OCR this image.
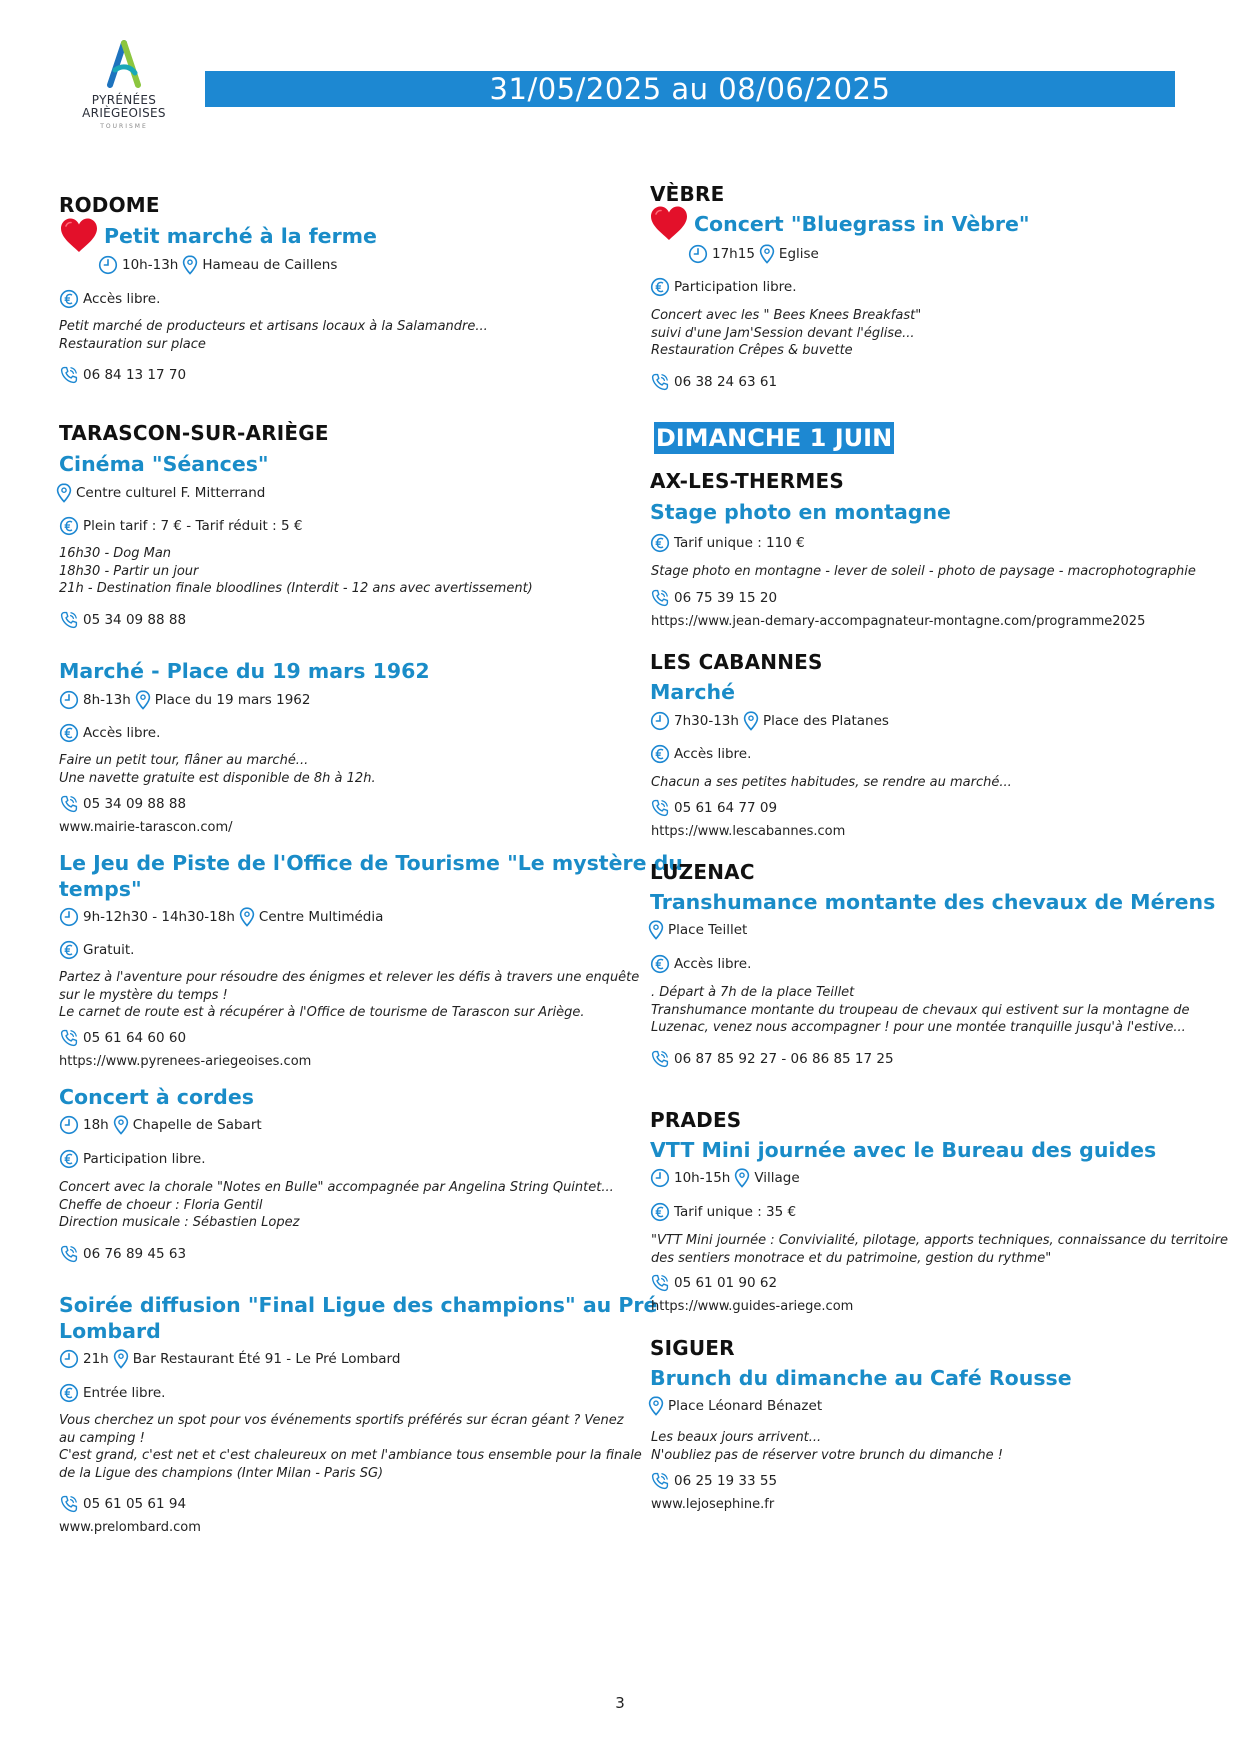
PYRÉNÉES
ARIÈGEOISES
TOURISME
31/05/2025 au 08/06/2025
RODOME
Petit marché à la ferme
10h-13h Hameau de Caillens
Accès libre.
Petit marché de producteurs et artisans locaux à la Salamandre...
Restauration sur place
06 84 13 17 70
TARASCON-SUR-ARIÈGE
Cinéma "Séances"
Centre culturel F. Mitterrand
Plein tarif : 7 € - Tarif réduit : 5 €
16h30 - Dog Man
18h30 - Partir un jour
21h - Destination finale bloodlines (Interdit - 12 ans avec avertissement)
05 34 09 88 88
Marché - Place du 19 mars 1962
8h-13h Place du 19 mars 1962
Accès libre.
Faire un petit tour, flâner au marché...
Une navette gratuite est disponible de 8h à 12h.
05 34 09 88 88
www.mairie-tarascon.com/
Le Jeu de Piste de l'Office de Tourisme "Le mystère du
temps"
9h-12h30 - 14h30-18h Centre Multimédia
Gratuit.
Partez à l'aventure pour résoudre des énigmes et relever les défis à travers une enquête
sur le mystère du temps !
Le carnet de route est à récupérer à l'Office de tourisme de Tarascon sur Ariège.
05 61 64 60 60
https://www.pyrenees-ariegeoises.com
Concert à cordes
18h Chapelle de Sabart
Participation libre.
Concert avec la chorale "Notes en Bulle" accompagnée par Angelina String Quintet...
Cheffe de choeur : Floria Gentil
Direction musicale : Sébastien Lopez
06 76 89 45 63
Soirée diffusion "Final Ligue des champions" au Pré
Lombard
21h Bar Restaurant Été 91 - Le Pré Lombard
Entrée libre.
Vous cherchez un spot pour vos événements sportifs préférés sur écran géant ? Venez
au camping !
C'est grand, c'est net et c'est chaleureux on met l'ambiance tous ensemble pour la finale
de la Ligue des champions (Inter Milan - Paris SG)
05 61 05 61 94
www.prelombard.com
VÈBRE
Concert "Bluegrass in Vèbre"
17h15 Eglise
Participation libre.
Concert avec les " Bees Knees Breakfast"
suivi d'une Jam'Session devant l'église...
Restauration Crêpes & buvette
06 38 24 63 61
DIMANCHE 1 JUIN
AX-LES-THERMES
Stage photo en montagne
Tarif unique : 110 €
Stage photo en montagne - lever de soleil - photo de paysage - macrophotographie
06 75 39 15 20
https://www.jean-demary-accompagnateur-montagne.com/programme2025
LES CABANNES
Marché
7h30-13h Place des Platanes
Accès libre.
Chacun a ses petites habitudes, se rendre au marché...
05 61 64 77 09
https://www.lescabannes.com
LUZENAC
Transhumance montante des chevaux de Mérens
Place Teillet
Accès libre.
. Départ à 7h de la place Teillet
Transhumance montante du troupeau de chevaux qui estivent sur la montagne de
Luzenac, venez nous accompagner ! pour une montée tranquille jusqu'à l'estive...
06 87 85 92 27 - 06 86 85 17 25
PRADES
VTT Mini journée avec le Bureau des guides
10h-15h Village
Tarif unique : 35 €
"VTT Mini journée : Convivialité, pilotage, apports techniques, connaissance du territoire
des sentiers monotrace et du patrimoine, gestion du rythme"
05 61 01 90 62
https://www.guides-ariege.com
SIGUER
Brunch du dimanche au Café Rousse
Place Léonard Bénazet
Les beaux jours arrivent...
N'oubliez pas de réserver votre brunch du dimanche !
06 25 19 33 55
www.lejosephine.fr
3
